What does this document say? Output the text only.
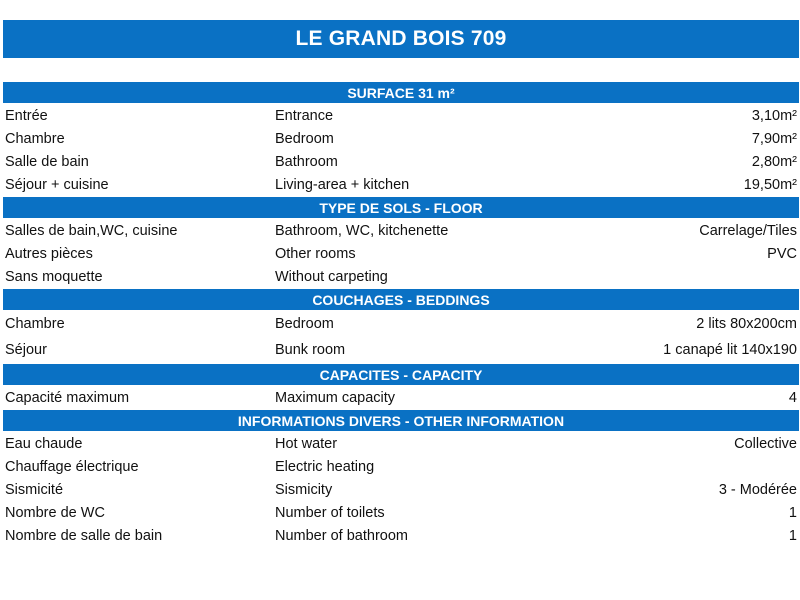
LE GRAND BOIS 709
SURFACE 31 m²
Entrée	Entrance	3,10m²
Chambre	Bedroom	7,90m²
Salle de bain	Bathroom	2,80m²
Séjour + cuisine	Living-area + kitchen	19,50m²
TYPE DE SOLS - FLOOR
Salles de bain,WC, cuisine	Bathroom, WC, kitchenette	Carrelage/Tiles
Autres pièces	Other rooms	PVC
Sans moquette	Without carpeting
COUCHAGES - BEDDINGS
Chambre	Bedroom	2 lits 80x200cm
Séjour	Bunk room	1 canapé lit 140x190
CAPACITES - CAPACITY
Capacité maximum	Maximum capacity	4
INFORMATIONS DIVERS - OTHER INFORMATION
Eau chaude	Hot water	Collective
Chauffage électrique	Electric heating
Sismicité	Sismicity	3 - Modérée
Nombre de WC	Number of toilets	1
Nombre de salle de bain	Number of bathroom	1
